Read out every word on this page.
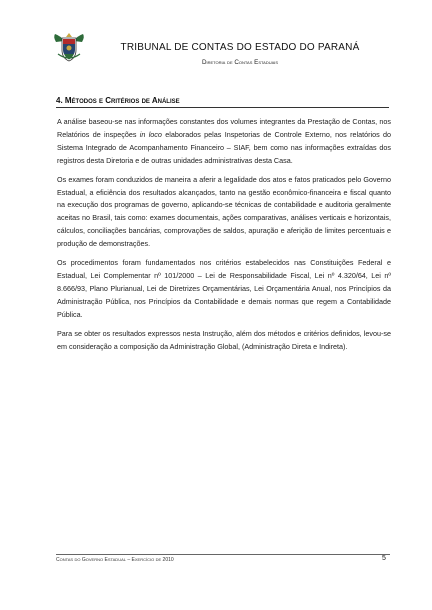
TRIBUNAL DE CONTAS DO ESTADO DO PARANÁ
Diretoria de Contas Estaduais
4. Métodos e Critérios de Análise

A análise baseou-se nas informações constantes dos volumes integrantes da Prestação de Contas, nos Relatórios de inspeções in loco elaborados pelas Inspetorias de Controle Externo, nos relatórios do Sistema Integrado de Acompanhamento Financeiro – SIAF, bem como nas informações extraídas dos registros desta Diretoria e de outras unidades administrativas desta Casa.

Os exames foram conduzidos de maneira a aferir a legalidade dos atos e fatos praticados pelo Governo Estadual, a eficiência dos resultados alcançados, tanto na gestão econômico-financeira e fiscal quanto na execução dos programas de governo, aplicando-se técnicas de contabilidade e auditoria geralmente aceitas no Brasil, tais como: exames documentais, ações comparativas, análises verticais e horizontais, cálculos, conciliações bancárias, comprovações de saldos, apuração e aferição de limites percentuais e produção de demonstrações.

Os procedimentos foram fundamentados nos critérios estabelecidos nas Constituições Federal e Estadual, Lei Complementar nº 101/2000 – Lei de Responsabilidade Fiscal, Lei nº 4.320/64, Lei nº 8.666/93, Plano Plurianual, Lei de Diretrizes Orçamentárias, Lei Orçamentária Anual, nos Princípios da Administração Pública, nos Princípios da Contabilidade e demais normas que regem a Contabilidade Pública.

Para se obter os resultados expressos nesta Instrução, além dos métodos e critérios definidos, levou-se em consideração a composição da Administração Global, (Administração Direta e Indireta).

Contas do Governo Estadual – Exercício de 2010	5
